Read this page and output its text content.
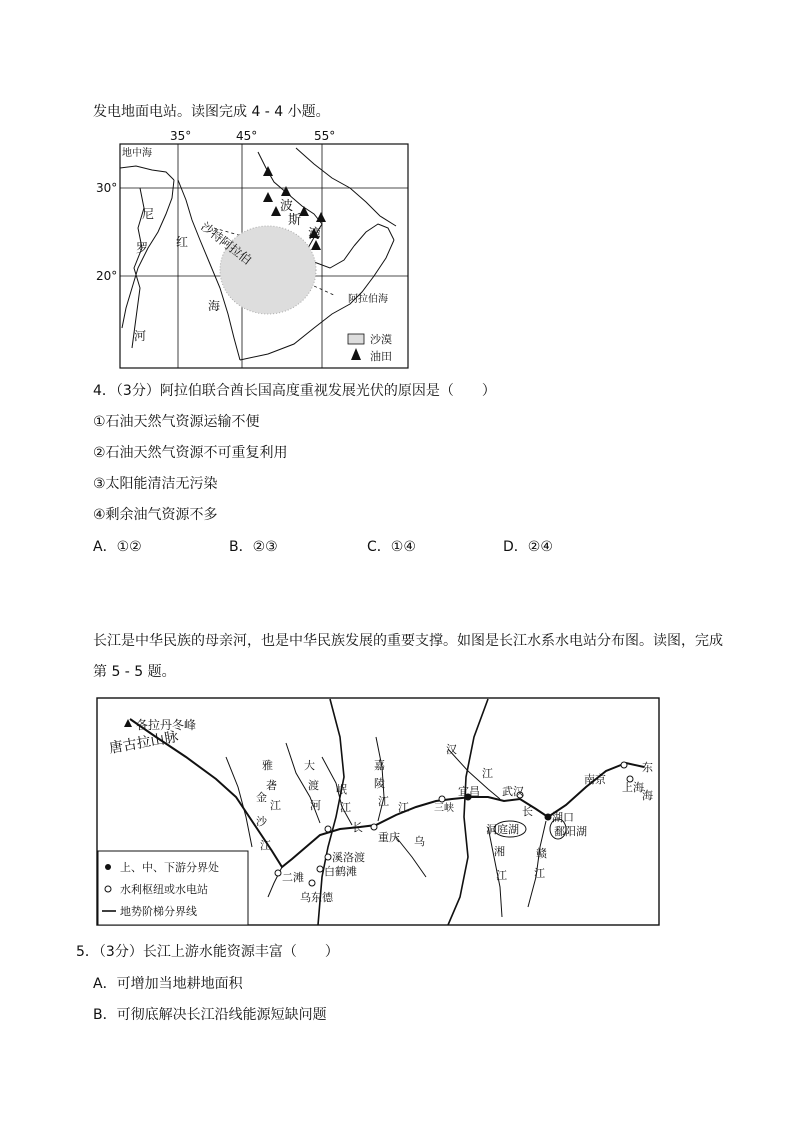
发电地面电站。读图完成 4 - 4 小题。
35°	45°	55°
地中海
30°
20°
尼
罗
河
红
海
沙特阿拉伯
波
斯
湾
阿拉伯海
沙漠
油田
4．（3分）阿拉伯联合酋长国高度重视发展光伏的原因是（　　）
①石油天然气资源运输不便
②石油天然气资源不可重复利用
③太阳能清洁无污染
④剩余油气资源不多
A．①②	B．②③	C．①④	D．②④
长江是中华民族的母亲河，也是中华民族发展的重要支撑。如图是长江水系水电站分布图。读图，完成
第 5 - 5 题。
各拉丹冬峰
唐古拉山脉
雅
砻
江
金
沙
江
大
渡
河
岷
江
嘉
陵
江
汉
江
长
江
乌
湘
江
赣
江
长
三峡
宜昌 武汉
重庆
湖口
南京
上海
东
海
洞庭湖	鄱阳湖
溪洛渡
白鹤滩
乌东德
二滩
上、中、下游分界处
水利枢纽或水电站
地势阶梯分界线
5．（3分）长江上游水能资源丰富（　　）
A．可增加当地耕地面积
B．可彻底解决长江沿线能源短缺问题
